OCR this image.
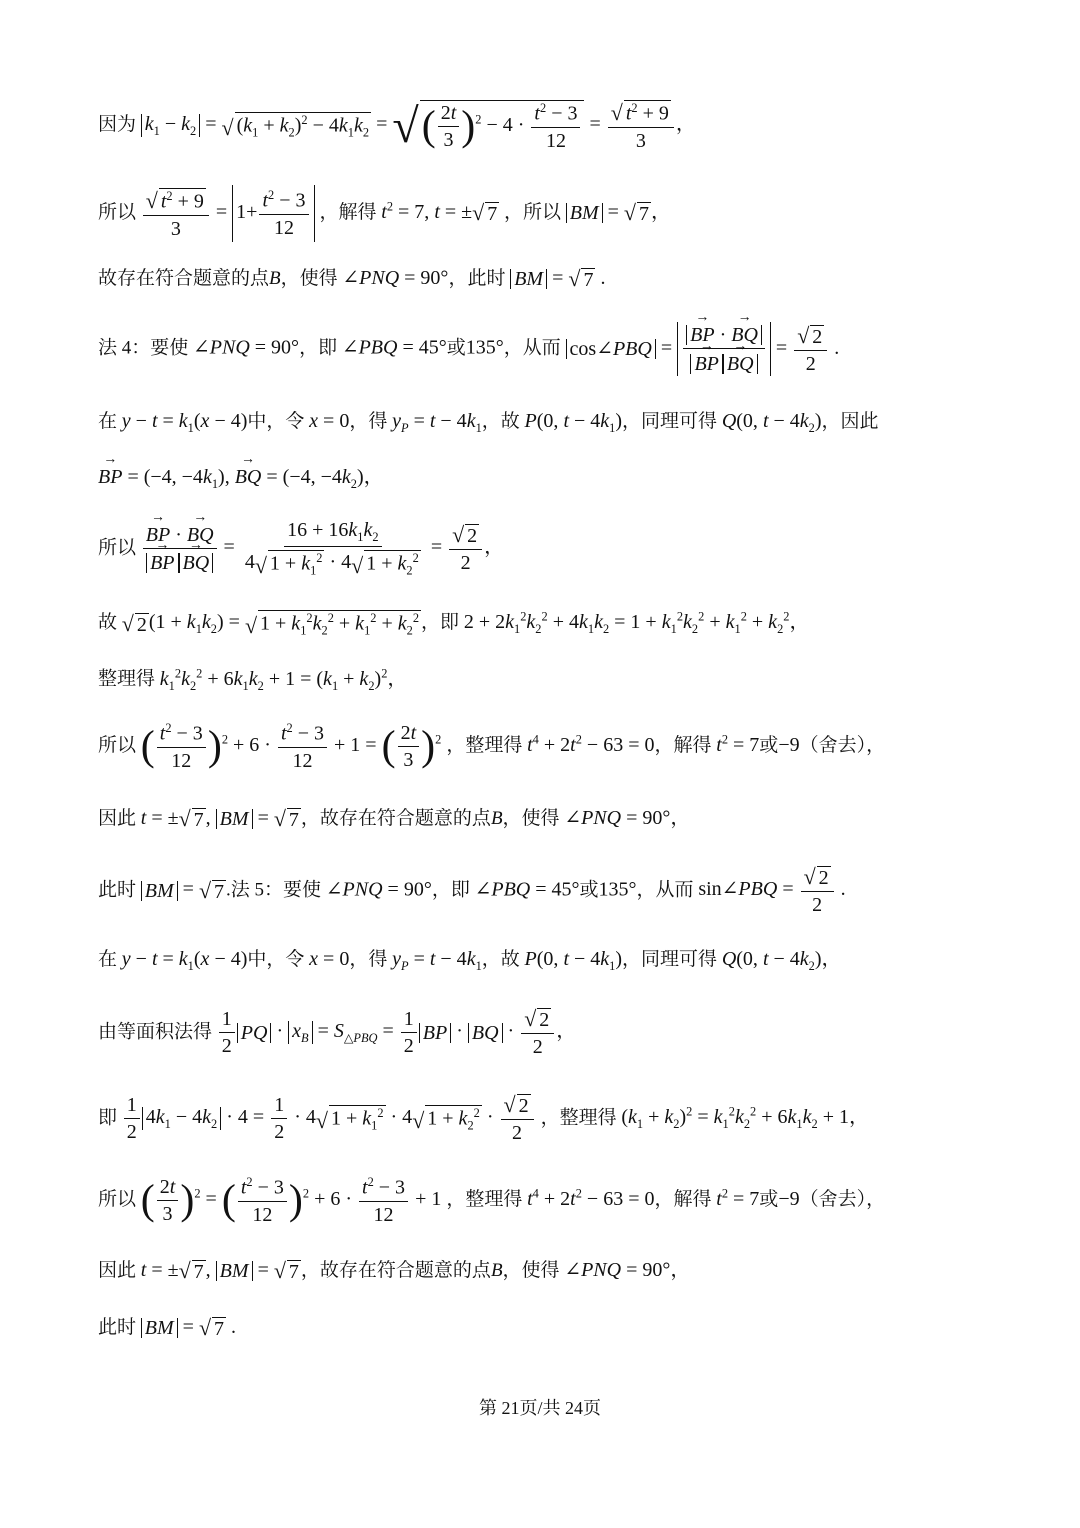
因为 $k_1 - k_2$ = √ $(k_1 + k_2)^2 - 4k_1k_2$ = √ ( $\frac{2t}{3} )^2 - 4 \cdot \frac{t^2 - 3}{12} = \frac{√ t^2 + 9}{3}$ ，
所以 $\frac{√ t^2 + 9}{3} = 1+ \frac{t^2 - 3}{12}$ ，解得 $t^2 = 7$, t = ± √ 7 ，所以 BM = √ 7 ，
故存在符合题意的点B，使得 ∠PNQ = 90°，此时 BM = √ 7 .
法 4：要使 ∠PNQ = 90°，即 ∠PBQ = 45°或135°，从而 cos∠PBQ = → BP · → BQ
→ BP → BQ = $\frac{√ 2}{2}$ .
在 $y - t = k_1(x - 4)$中，令 x = 0，得 $y_P = t - 4k_1$，故 P(0, $t - 4k_1$)，同理可得 Q(0, $t - 4k_2$)，因此
→ BP = (−4, $-4k_1$), → BQ = (−4, $-4k_2$)，
所以 → BP · → BQ
→ BP → BQ = $\frac{16 + 16k_1k_2}{4 √ 1 + k_1^2 \cdot 4 √ 1 + k_2^2} = \frac{√ 2}{2}$ ，
故 √ 2 $(1 + k_1k_2)$ = √ $1 + k_1^2k_2^2 + k_1^2 + k_2^2$ ，即 $2 + 2k_1^2k_2^2 + 4k_1k_2 = 1 + k_1^2k_2^2 + k_1^2 + k_2^2$，
整理得 $k_1^2k_2^2 + 6k_1k_2 + 1 = (k_1 + k_2)^2$，
所以 ( $\frac{t^2 - 3}{12} )^2 + 6 \cdot \frac{t^2 - 3}{12} + 1$ = ( $\frac{2t}{3} )^2$ ，整理得 $t^4 + 2t^2 - 63 = 0$，解得 $t^2 = 7$或−9（舍去），
因此 t = ± √ 7 , BM = √ 7 ，故存在符合题意的点B，使得 ∠PNQ = 90°，
此时 BM = √ 7 .法 5：要使 ∠PNQ = 90°，即 ∠PBQ = 45°或135°，从而 sin∠PBQ = $\frac{√ 2}{2}$ .
在 $y - t = k_1(x - 4)$中，令 x = 0，得 $y_P = t - 4k_1$，故 P(0, $t - 4k_1$)，同理可得 Q(0, $t - 4k_2$)，
由等面积法得 $\frac{1}{2}$ PQ · $x_B = S_{\triangle PBQ} = \frac{1}{2}$ BP · BQ · $\frac{√ 2}{2}$ ，
即 $\frac{1}{2} 4k_1 - 4k_2 \cdot 4 = \frac{1}{2} \cdot 4$ √ $1 + k_1^2 \cdot 4$ √ $1 + k_2^2 \cdot \frac{√ 2}{2}$ ，整理得 $(k_1 + k_2)^2 = k_1^2k_2^2 + 6k_1k_2 + 1$，
所以 ( $\frac{2t}{3} )^2$ = ( $\frac{t^2 - 3}{12} )^2 + 6 \cdot \frac{t^2 - 3}{12} + 1$ ，整理得 $t^4 + 2t^2 - 63 = 0$，解得 $t^2 = 7$或−9（舍去），
因此 t = ± √ 7 , BM = √ 7 ，故存在符合题意的点B，使得 ∠PNQ = 90°，
此时 BM = √ 7 .
第 21页/共 24页
